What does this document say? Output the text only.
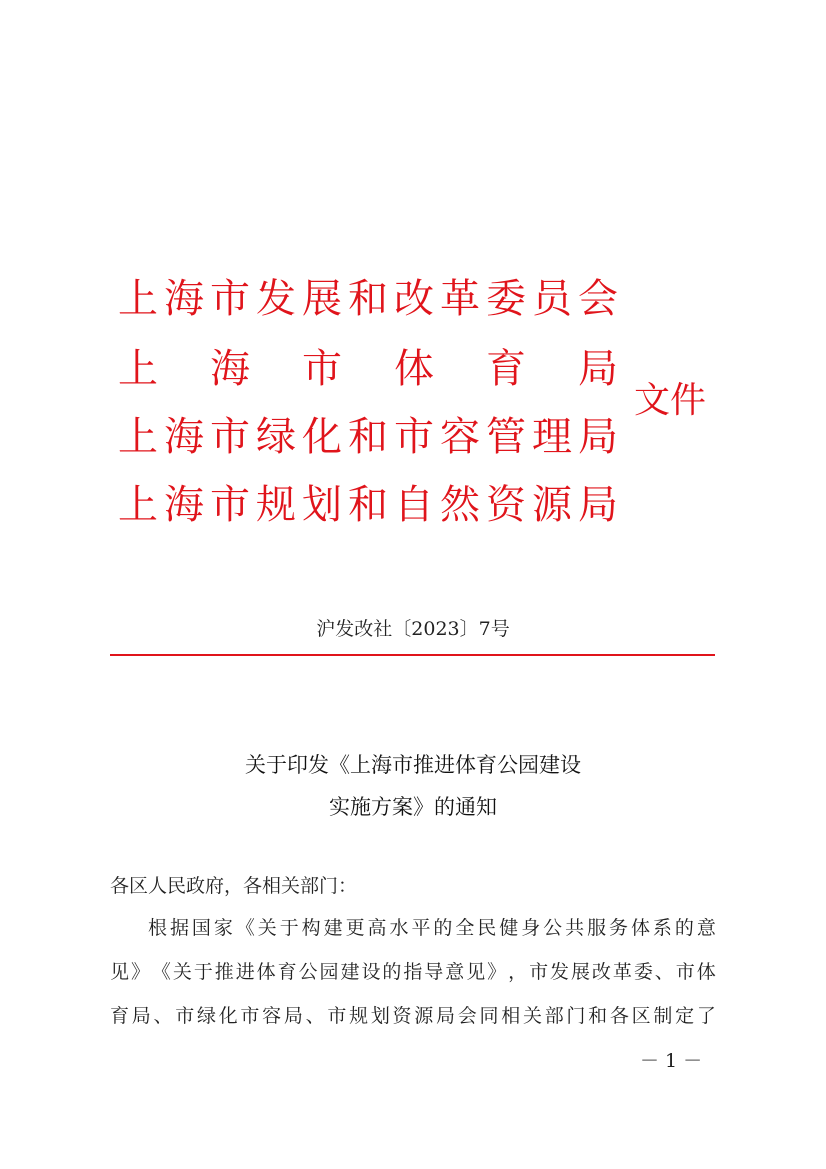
上 海 市 发 展 和 改 革 委 员 会
上 海 市 体 育 局
上 海 市 绿 化 和 市 容 管 理 局
上 海 市 规 划 和 自 然 资 源 局
文件
沪发改社〔2023〕7号
关于印发《上海市推进体育公园建设
实施方案》的通知
各区人民政府，各相关部门：
根 据 国 家 《 关 于 构 建 更 高 水 平 的 全 民 健 身 公 共 服 务 体 系 的 意
见 》 《 关 于 推 进 体 育 公 园 建 设 的 指 导 意 见 》 ， 市 发 展 改 革 委 、 市 体
育 局 、 市 绿 化 市 容 局 、 市 规 划 资 源 局 会 同 相 关 部 门 和 各 区 制 定 了
－ 1 －
